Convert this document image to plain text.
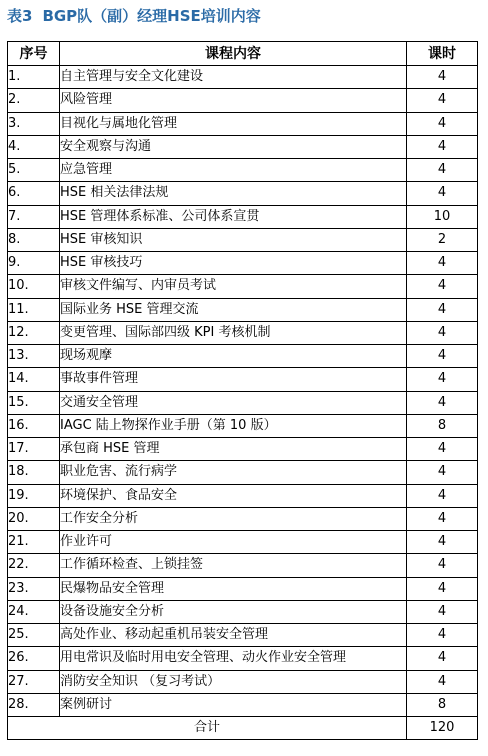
表3 BGP队（副）经理HSE培训内容
序号	课程内容	课时
1.	自主管理与安全文化建设	4
2.	风险管理	4
3.	目视化与属地化管理	4
4.	安全观察与沟通	4
5.	应急管理	4
6.	HSE 相关法律法规	4
7.	HSE 管理体系标准、公司体系宣贯	10
8.	HSE 审核知识	2
9.	HSE 审核技巧	4
10.	审核文件编写、内审员考试	4
11.	国际业务 HSE 管理交流	4
12.	变更管理、国际部四级 KPI 考核机制	4
13.	现场观摩	4
14.	事故事件管理	4
15.	交通安全管理	4
16.	IAGC 陆上物探作业手册（第 10 版）	8
17.	承包商 HSE 管理	4
18.	职业危害、流行病学	4
19.	环境保护、食品安全	4
20.	工作安全分析	4
21.	作业许可	4
22.	工作循环检查、上锁挂签	4
23.	民爆物品安全管理	4
24.	设备设施安全分析	4
25.	高处作业、移动起重机吊装安全管理	4
26.	用电常识及临时用电安全管理、动火作业安全管理	4
27.	消防安全知识 （复习考试）	4
28.	案例研讨	8
合计		120
